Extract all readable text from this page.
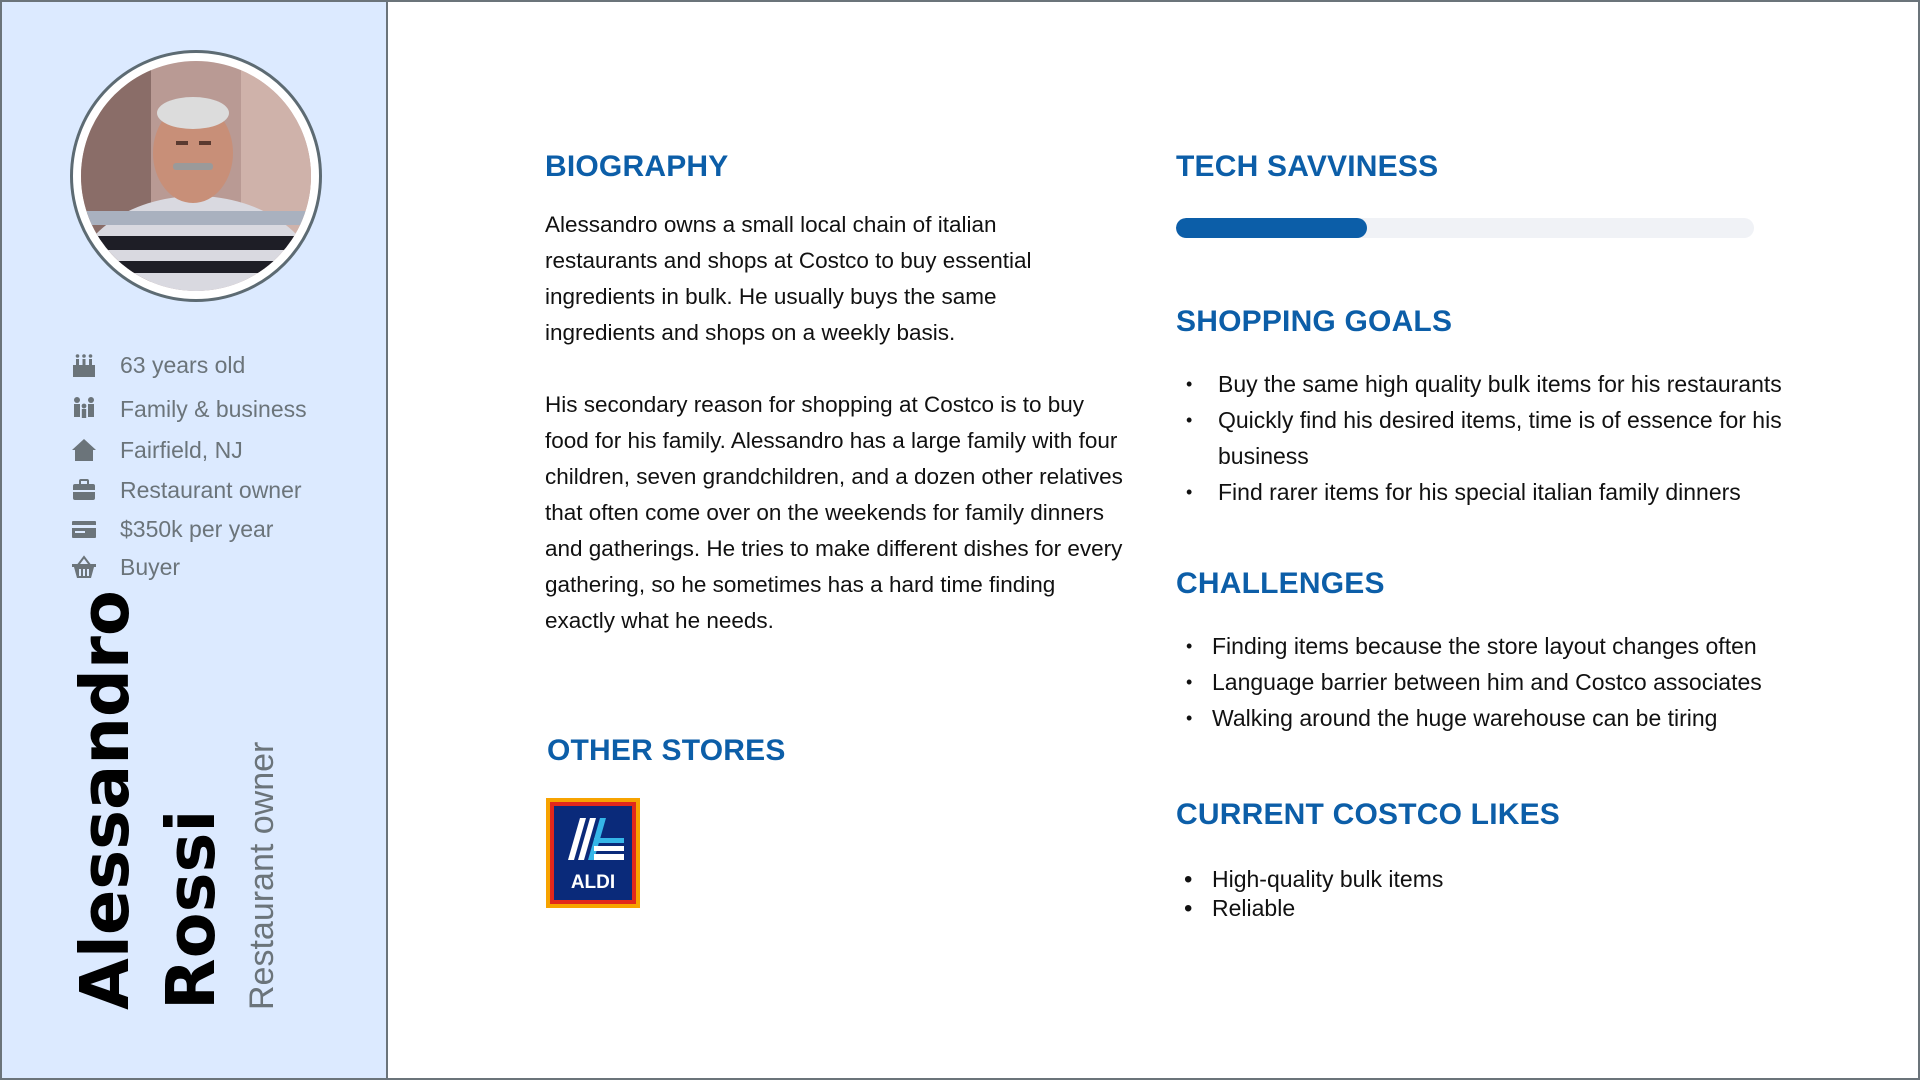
63 years old
Family & business
Fairfield, NJ
Restaurant owner
$350k per year
Buyer
Alessandro Rossi Restaurant owner
BIOGRAPHY

Alessandro owns a small local chain of italian restaurants and shops at Costco to buy essential ingredients in bulk. He usually buys the same ingredients and shops on a weekly basis.

His secondary reason for shopping at Costco is to buy food for his family. Alessandro has a large family with four children, seven grandchildren, and a dozen other relatives that often come over on the weekends for family dinners and gatherings. He tries to make different dishes for every gathering, so he sometimes has a hard time finding exactly what he needs.

OTHER STORES
ALDI
TECH SAVVINESS
SHOPPING GOALS
• Buy the same high quality bulk items for his restaurants
• Quickly find his desired items, time is of essence for his business
• Find rarer items for his special italian family dinners
CHALLENGES
• Finding items because the store layout changes often
• Language barrier between him and Costco associates
• Walking around the huge warehouse can be tiring
CURRENT COSTCO LIKES
• High-quality bulk items
• Reliable
